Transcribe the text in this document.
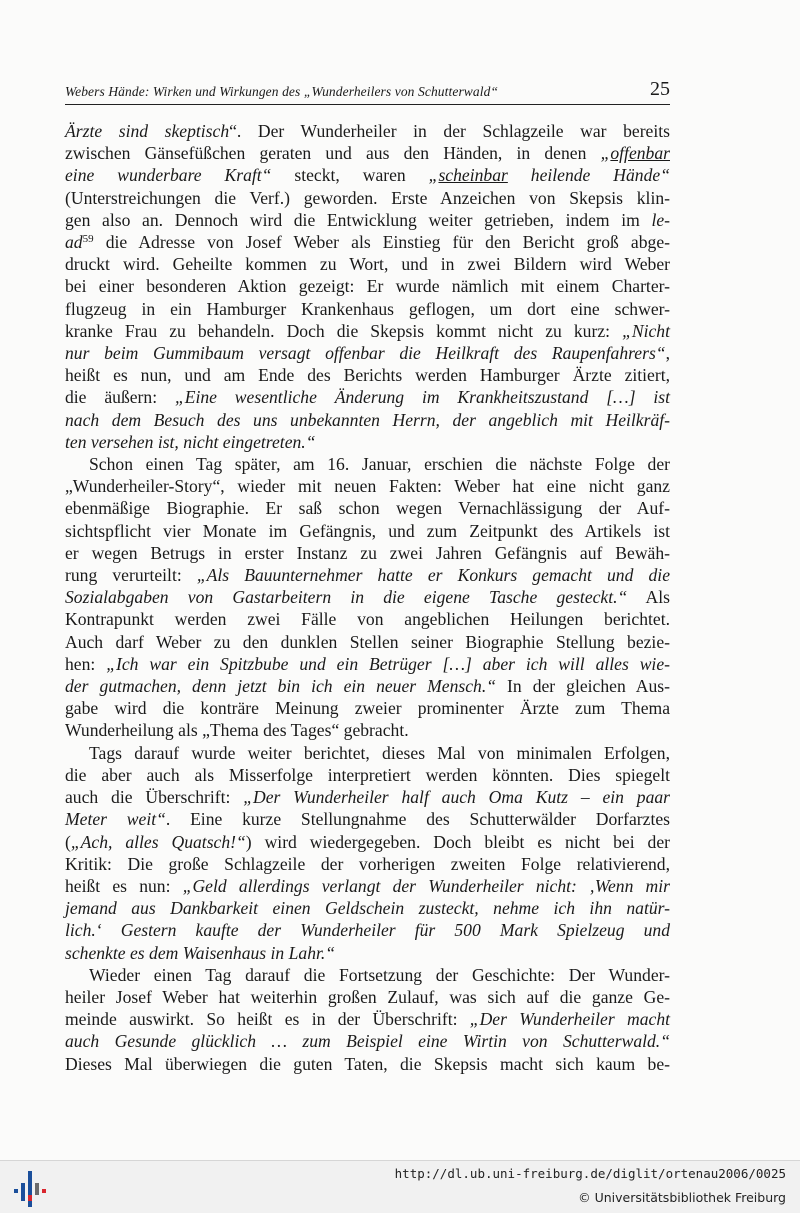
Webers Hände: Wirken und Wirkungen des „Wunderheilers von Schutterwald“	25

Ärzte sind skeptisch“. Der Wunderheiler in der Schlagzeile war bereits
zwischen Gänsefüßchen geraten und aus den Händen, in denen „offenbar
eine wunderbare Kraft“ steckt, waren „scheinbar heilende Hände“
(Unterstreichungen die Verf.) geworden. Erste Anzeichen von Skepsis klin-
gen also an. Dennoch wird die Entwicklung weiter getrieben, indem im le-
$ad^{59}$ die Adresse von Josef Weber als Einstieg für den Bericht groß abge-
druckt wird. Geheilte kommen zu Wort, und in zwei Bildern wird Weber
bei einer besonderen Aktion gezeigt: Er wurde nämlich mit einem Charter-
flugzeug in ein Hamburger Krankenhaus geflogen, um dort eine schwer-
kranke Frau zu behandeln. Doch die Skepsis kommt nicht zu kurz: „Nicht
nur beim Gummibaum versagt offenbar die Heilkraft des Raupenfahrers“,
heißt es nun, und am Ende des Berichts werden Hamburger Ärzte zitiert,
die äußern: „Eine wesentliche Änderung im Krankheitszustand […] ist
nach dem Besuch des uns unbekannten Herrn, der angeblich mit Heilkräf-
ten versehen ist, nicht eingetreten.“

Schon einen Tag später, am 16. Januar, erschien die nächste Folge der
„Wunderheiler-Story“, wieder mit neuen Fakten: Weber hat eine nicht ganz
ebenmäßige Biographie. Er saß schon wegen Vernachlässigung der Auf-
sichtspflicht vier Monate im Gefängnis, und zum Zeitpunkt des Artikels ist
er wegen Betrugs in erster Instanz zu zwei Jahren Gefängnis auf Bewäh-
rung verurteilt: „Als Bauunternehmer hatte er Konkurs gemacht und die
Sozialabgaben von Gastarbeitern in die eigene Tasche gesteckt.“ Als
Kontrapunkt werden zwei Fälle von angeblichen Heilungen berichtet.
Auch darf Weber zu den dunklen Stellen seiner Biographie Stellung bezie-
hen: „Ich war ein Spitzbube und ein Betrüger […] aber ich will alles wie-
der gutmachen, denn jetzt bin ich ein neuer Mensch.“ In der gleichen Aus-
gabe wird die konträre Meinung zweier prominenter Ärzte zum Thema
Wunderheilung als „Thema des Tages“ gebracht.

Tags darauf wurde weiter berichtet, dieses Mal von minimalen Erfolgen,
die aber auch als Misserfolge interpretiert werden könnten. Dies spiegelt
auch die Überschrift: „Der Wunderheiler half auch Oma Kutz – ein paar
Meter weit“. Eine kurze Stellungnahme des Schutterwälder Dorfarztes
(„Ach, alles Quatsch!“) wird wiedergegeben. Doch bleibt es nicht bei der
Kritik: Die große Schlagzeile der vorherigen zweiten Folge relativierend,
heißt es nun: „Geld allerdings verlangt der Wunderheiler nicht: ‚Wenn mir
jemand aus Dankbarkeit einen Geldschein zusteckt, nehme ich ihn natür-
lich.‘ Gestern kaufte der Wunderheiler für 500 Mark Spielzeug und
schenkte es dem Waisenhaus in Lahr.“

Wieder einen Tag darauf die Fortsetzung der Geschichte: Der Wunder-
heiler Josef Weber hat weiterhin großen Zulauf, was sich auf die ganze Ge-
meinde auswirkt. So heißt es in der Überschrift: „Der Wunderheiler macht
auch Gesunde glücklich … zum Beispiel eine Wirtin von Schutterwald.“
Dieses Mal überwiegen die guten Taten, die Skepsis macht sich kaum be-

http://dl.ub.uni-freiburg.de/diglit/ortenau2006/0025
© Universitätsbibliothek Freiburg
